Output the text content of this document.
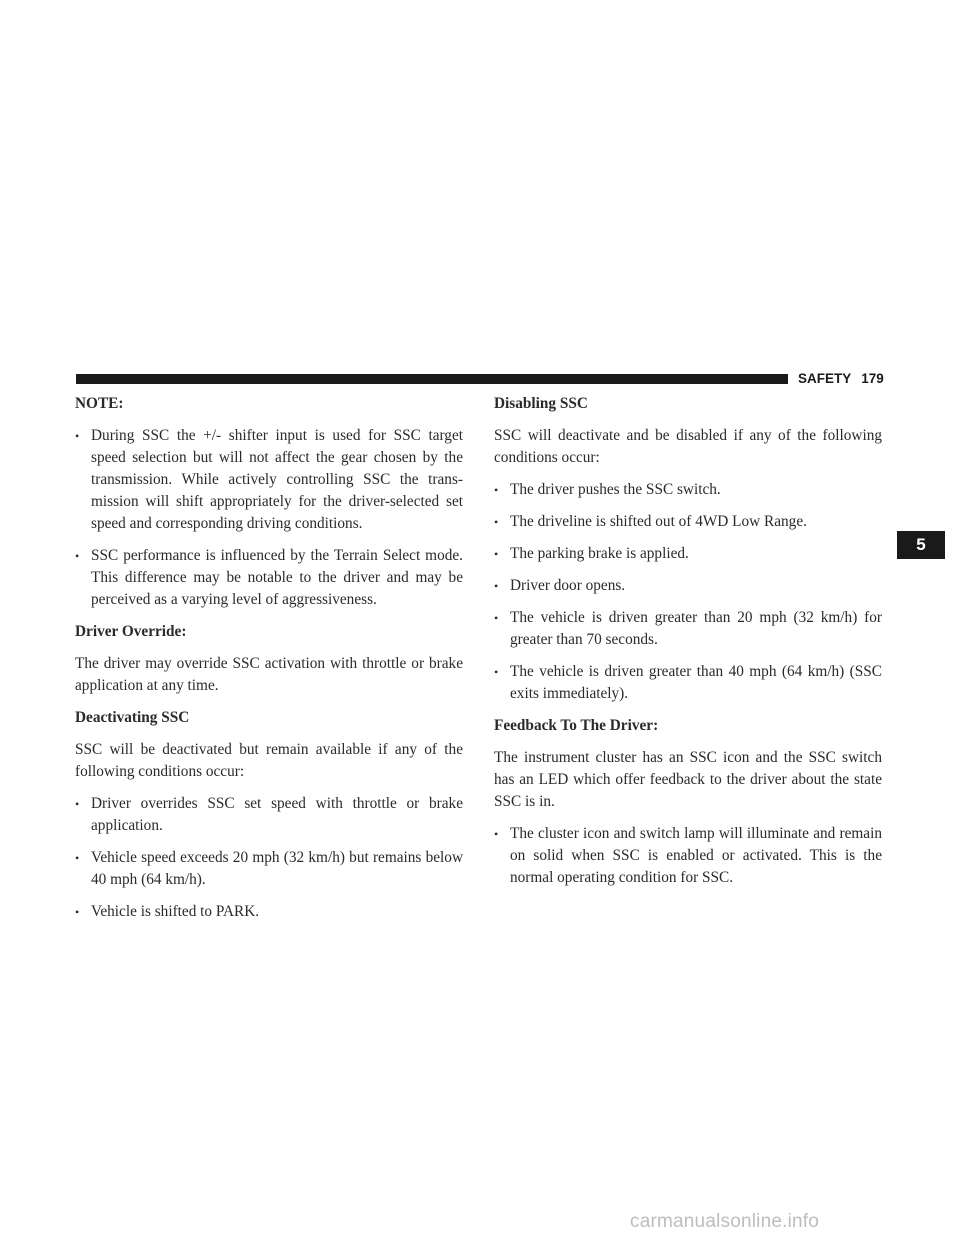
SAFETY 179
5

NOTE:

• During SSC the +/- shifter input is used for SSC target speed selection but will not affect the gear chosen by the transmission. While actively controlling SSC the trans-mission will shift appropriately for the driver-selected set speed and corresponding driving conditions.
• SSC performance is influenced by the Terrain Select mode. This difference may be notable to the driver and may be perceived as a varying level of aggressiveness.

Driver Override:

The driver may override SSC activation with throttle or brake application at any time.

Deactivating SSC

SSC will be deactivated but remain available if any of the following conditions occur:

• Driver overrides SSC set speed with throttle or brake application.
• Vehicle speed exceeds 20 mph (32 km/h) but remains below 40 mph (64 km/h).
• Vehicle is shifted to PARK.

Disabling SSC

SSC will deactivate and be disabled if any of the following conditions occur:

• The driver pushes the SSC switch.
• The driveline is shifted out of 4WD Low Range.
• The parking brake is applied.
• Driver door opens.
• The vehicle is driven greater than 20 mph (32 km/h) for greater than 70 seconds.
• The vehicle is driven greater than 40 mph (64 km/h) (SSC exits immediately).

Feedback To The Driver:

The instrument cluster has an SSC icon and the SSC switch has an LED which offer feedback to the driver about the state SSC is in.

• The cluster icon and switch lamp will illuminate and remain on solid when SSC is enabled or activated. This is the normal operating condition for SSC.
carmanualsonline.info
